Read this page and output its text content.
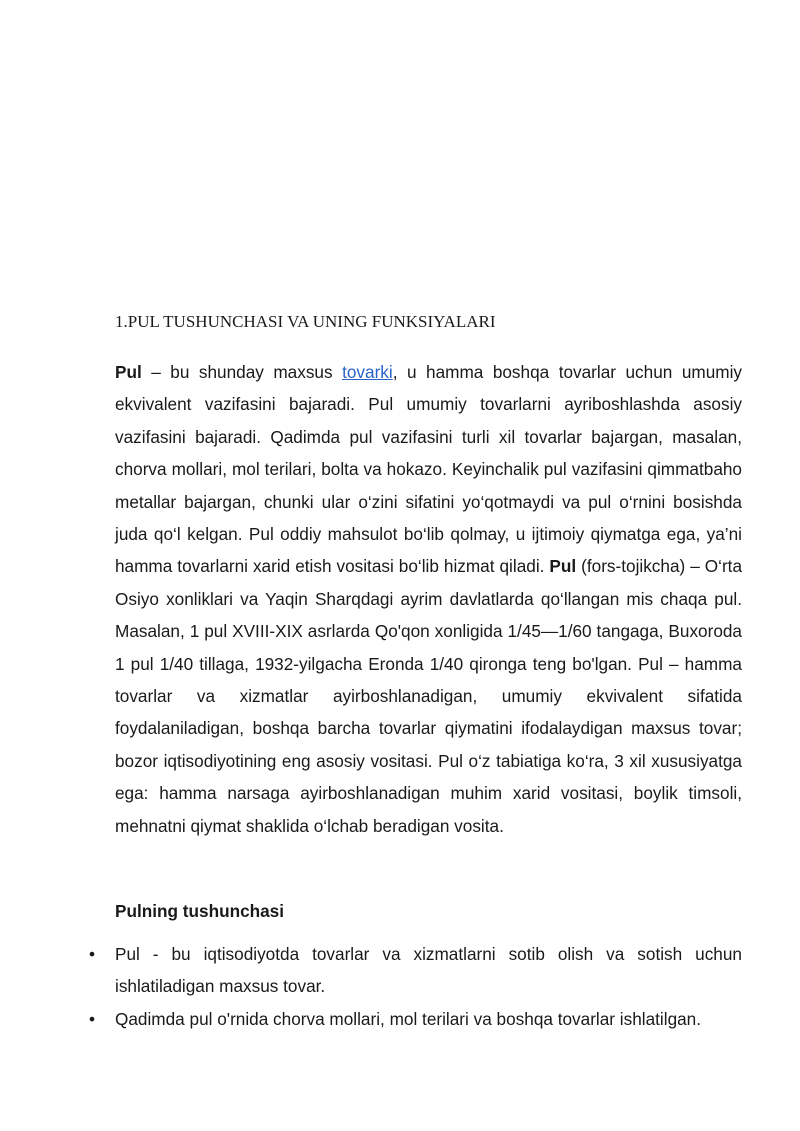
1.PUL TUSHUNCHASI VA UNING FUNKSIYALARI

Pul – bu shunday maxsus tovarki, u hamma boshqa tovarlar uchun umumiy ekvivalent vazifasini bajaradi. Pul umumiy tovarlarni ayriboshlashda asosiy vazifasini bajaradi. Qadimda pul vazifasini turli xil tovarlar bajargan, masalan, chorva mollari, mol terilari, bolta va hokazo. Keyinchalik pul vazifasini qimmatbaho metallar bajargan, chunki ular o‘zini sifatini yo‘qotmaydi va pul o‘rnini bosishda juda qo‘l kelgan. Pul oddiy mahsulot bo‘lib qolmay, u ijtimoiy qiymatga ega, ya’ni hamma tovarlarni xarid etish vositasi bo‘lib hizmat qiladi. Pul (fors-tojikcha) – O‘rta Osiyo xonliklari va Yaqin Sharqdagi ayrim davlatlarda qo‘llangan mis chaqa pul. Masalan, 1 pul XVIII-XIX asrlarda Qo'qon xonligida 1/45—1/60 tangaga, Buxoroda 1 pul 1/40 tillaga, 1932-yilgacha Eronda 1/40 qironga teng bo'lgan. Pul – hamma tovarlar va xizmatlar ayirboshlanadigan, umumiy ekvivalent sifatida foydalaniladigan, boshqa barcha tovarlar qiymatini ifodalaydigan maxsus tovar; bozor iqtisodiyotining eng asosiy vositasi. Pul o‘z tabiatiga ko‘ra, 3 xil xususiyatga ega: hamma narsaga ayirboshlanadigan muhim xarid vositasi, boylik timsoli, mehnatni qiymat shaklida o‘lchab beradigan vosita.

Pulning tushunchasi
• Pul - bu iqtisodiyotda tovarlar va xizmatlarni sotib olish va sotish uchun ishlatiladigan maxsus tovar.
• Qadimda pul o'rnida chorva mollari, mol terilari va boshqa tovarlar ishlatilgan.
